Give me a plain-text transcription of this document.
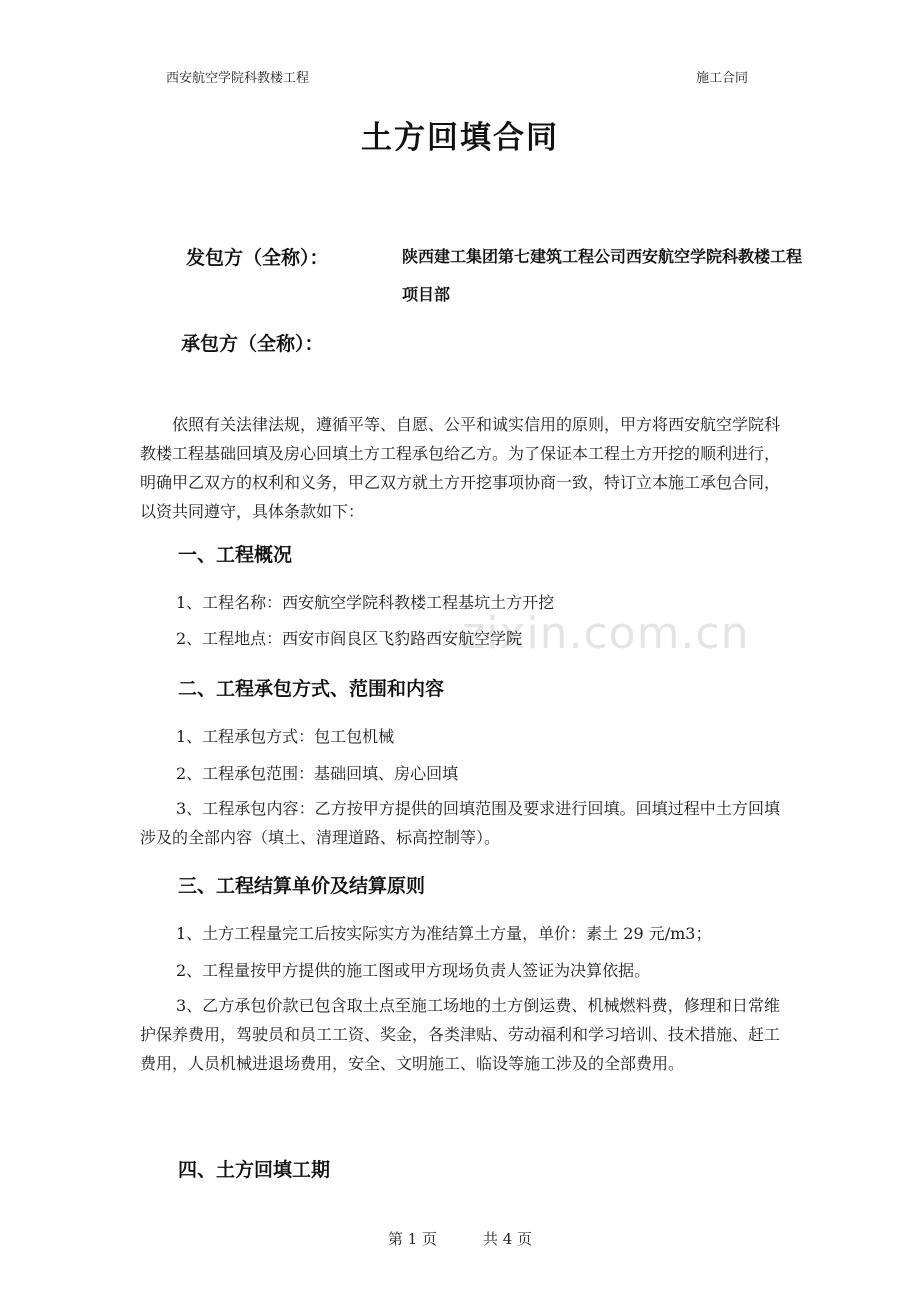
西安航空学院科教楼工程	施工合同
土方回填合同
发包方（全称）：	陕西建工集团第七建筑工程公司西安航空学院科教楼工程项目部
承包方（全称）：
依照有关法律法规，遵循平等、自愿、公平和诚实信用的原则，甲方将西安航空学院科教楼工程基础回填及房心回填土方工程承包给乙方。为了保证本工程土方开挖的顺利进行，明确甲乙双方的权利和义务，甲乙双方就土方开挖事项协商一致，特订立本施工承包合同，以资共同遵守，具体条款如下：
一、工程概况
1、工程名称：西安航空学院科教楼工程基坑土方开挖
2、工程地点：西安市阎良区飞豹路西安航空学院
二、工程承包方式、范围和内容
1、工程承包方式：包工包机械
2、工程承包范围：基础回填、房心回填
3、工程承包内容：乙方按甲方提供的回填范围及要求进行回填。回填过程中土方回填涉及的全部内容（填土、清理道路、标高控制等）。
三、工程结算单价及结算原则
1、土方工程量完工后按实际实方为准结算土方量，单价：素土 29 元/m3；
2、工程量按甲方提供的施工图或甲方现场负责人签证为决算依据。
3、乙方承包价款已包含取土点至施工场地的土方倒运费、机械燃料费，修理和日常维护保养费用，驾驶员和员工工资、奖金，各类津贴、劳动福利和学习培训、技术措施、赶工费用，人员机械进退场费用，安全、文明施工、临设等施工涉及的全部费用。
四、土方回填工期
zixin.com.cn
第 1 页	共 4 页
